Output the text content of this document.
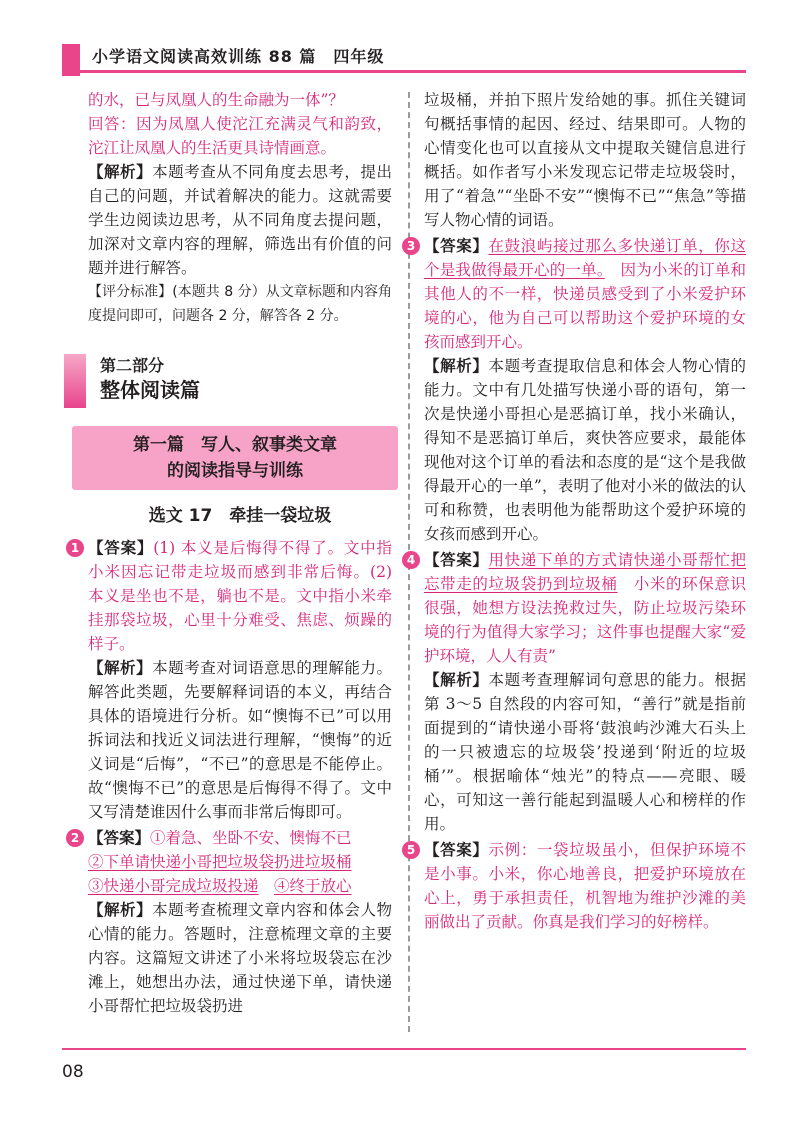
小学语文阅读高效训练 88 篇　四年级

的水，已与凤凰人的生命融为一体”？

回答：因为凤凰人使沱江充满灵气和韵致，沱江让凤凰人的生活更具诗情画意。

【解析】本题考查从不同角度去思考，提出自己的问题，并试着解决的能力。这就需要学生边阅读边思考，从不同角度去提问题，加深对文章内容的理解，筛选出有价值的问题并进行解答。

【评分标准】(本题共 8 分）从文章标题和内容角度提问即可，问题各 2 分，解答各 2 分。

第二部分
整体阅读篇
第一篇　写人、叙事类文章
的阅读指导与训练
选文 17　牵挂一袋垃圾
1 【答案】(1) 本义是后悔得不得了。文中指小米因忘记带走垃圾而感到非常后悔。(2) 本义是坐也不是，躺也不是。文中指小米牵挂那袋垃圾，心里十分难受、焦虑、烦躁的样子。

【解析】本题考查对词语意思的理解能力。解答此类题，先要解释词语的本义，再结合具体的语境进行分析。如“懊悔不已”可以用拆词法和找近义词法进行理解，“懊悔”的近义词是“后悔”，“不已”的意思是不能停止。故“懊悔不已”的意思是后悔得不得了。文中又写清楚谁因什么事而非常后悔即可。

2 【答案】①着急、坐卧不安、懊悔不已

②下单请快递小哥把垃圾袋扔进垃圾桶

③快递小哥完成垃圾投递　 ④终于放心

【解析】本题考查梳理文章内容和体会人物心情的能力。答题时，注意梳理文章的主要内容。这篇短文讲述了小米将垃圾袋忘在沙滩上，她想出办法，通过快递下单，请快递小哥帮忙把垃圾袋扔进

垃圾桶，并拍下照片发给她的事。抓住关键词句概括事情的起因、经过、结果即可。人物的心情变化也可以直接从文中提取关键信息进行概括。如作者写小米发现忘记带走垃圾袋时，用了“着急”“坐卧不安”“懊悔不已”“焦急”等描写人物心情的词语。

3 【答案】在鼓浪屿接过那么多快递订单，你这个是我做得最开心的一单。　因为小米的订单和其他人的不一样，快递员感受到了小米爱护环境的心，他为自己可以帮助这个爱护环境的女孩而感到开心。

【解析】本题考查提取信息和体会人物心情的能力。文中有几处描写快递小哥的语句，第一次是快递小哥担心是恶搞订单，找小米确认，得知不是恶搞订单后，爽快答应要求，最能体现他对这个订单的看法和态度的是“这个是我做得最开心的一单”，表明了他对小米的做法的认可和称赞，也表明他为能帮助这个爱护环境的女孩而感到开心。

4 【答案】用快递下单的方式请快递小哥帮忙把忘带走的垃圾袋扔到垃圾桶　小米的环保意识很强，她想方设法挽救过失，防止垃圾污染环境的行为值得大家学习；这件事也提醒大家“爱护环境，人人有责”

【解析】本题考查理解词句意思的能力。根据第 3～5 自然段的内容可知，“善行”就是指前面提到的“请快递小哥将‘鼓浪屿沙滩大石头上的一只被遗忘的垃圾袋’投递到‘附近的垃圾桶’”。根据喻体“烛光”的特点——亮眼、暖心，可知这一善行能起到温暖人心和榜样的作用。

5 【答案】示例：一袋垃圾虽小，但保护环境不是小事。小米，你心地善良，把爱护环境放在心上，勇于承担责任，机智地为维护沙滩的美丽做出了贡献。你真是我们学习的好榜样。

08
